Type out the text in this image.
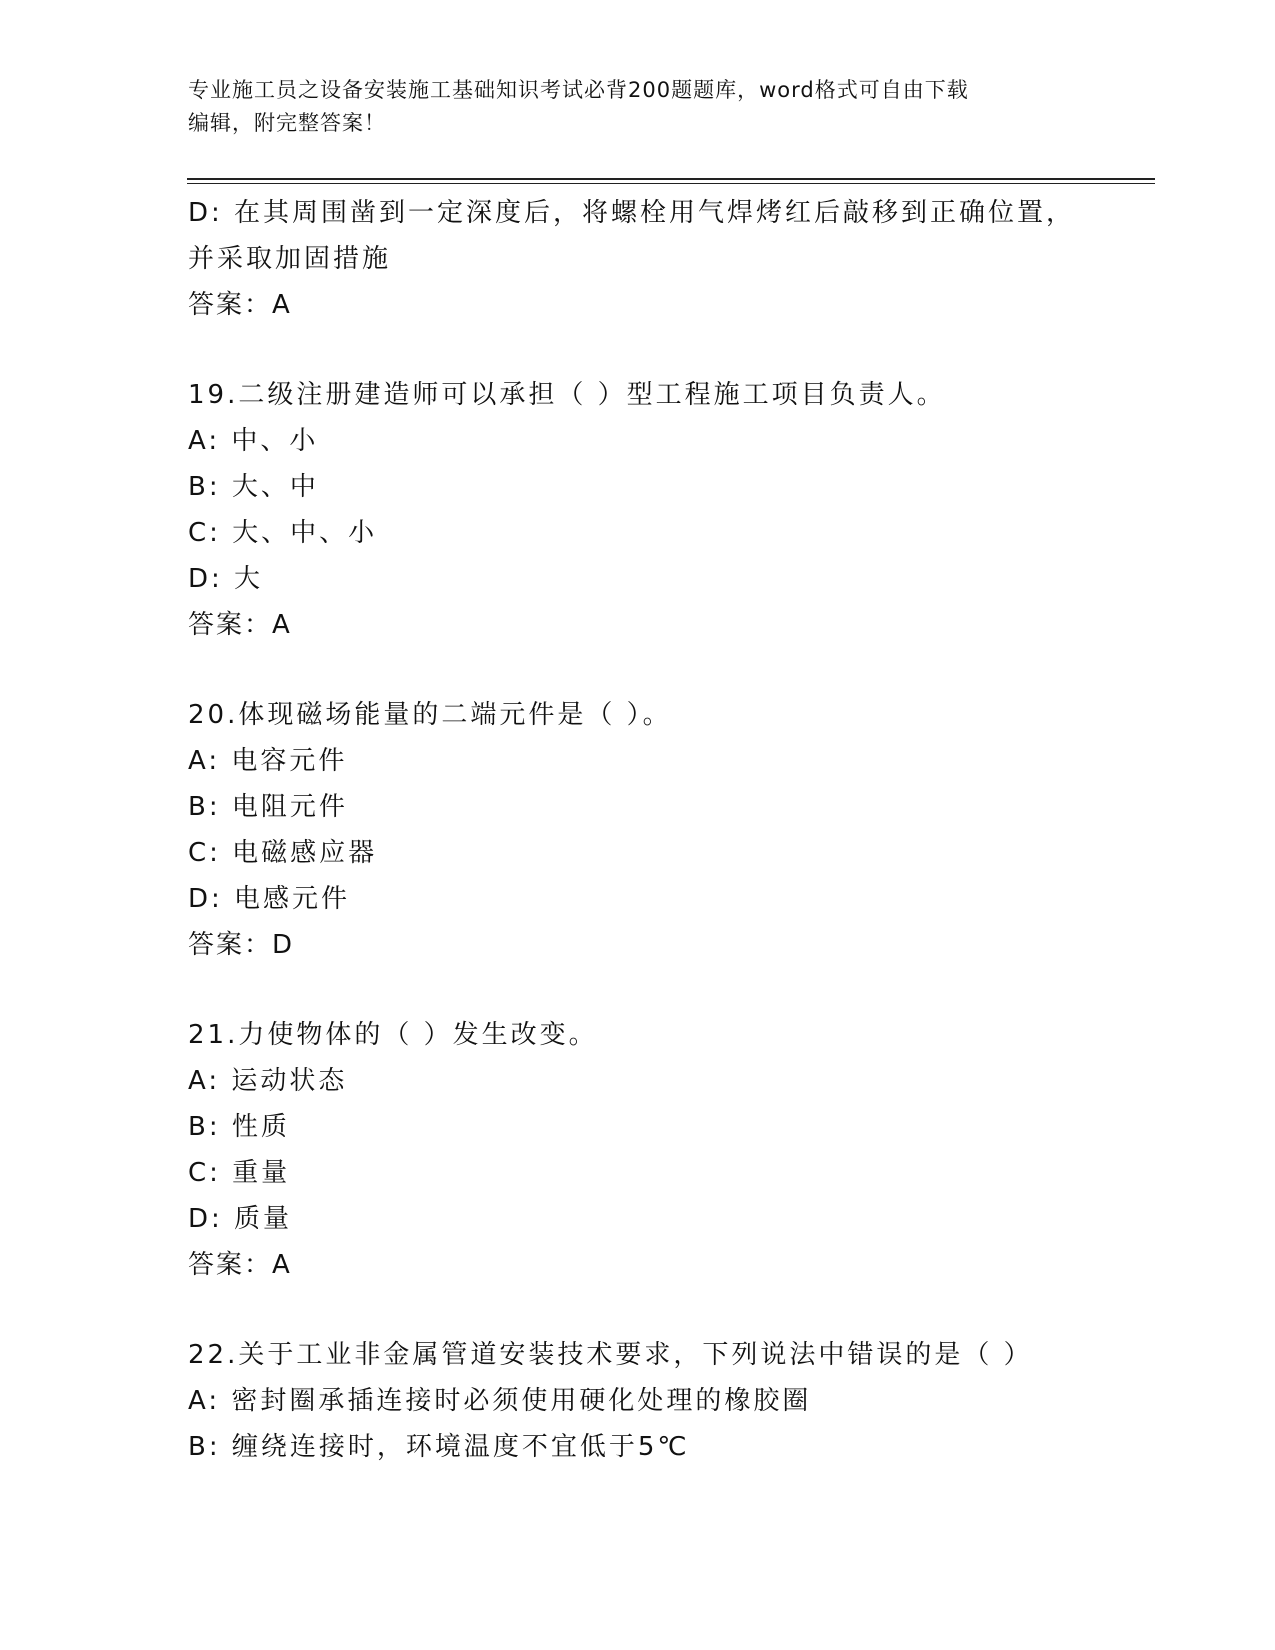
专业施工员之设备安装施工基础知识考试必背200题题库，word格式可自由下载
编辑，附完整答案！
D: 在其周围凿到一定深度后，将螺栓用气焊烤红后敲移到正确位置，
并采取加固措施
答案：A
19.二级注册建造师可以承担（ ）型工程施工项目负责人。
A: 中、小
B: 大、中
C: 大、中、小
D: 大
答案：A
20.体现磁场能量的二端元件是（ ）。
A: 电容元件
B: 电阻元件
C: 电磁感应器
D: 电感元件
答案：D
21.力使物体的（ ）发生改变。
A: 运动状态
B: 性质
C: 重量
D: 质量
答案：A
22.关于工业非金属管道安装技术要求，下列说法中错误的是（ ）
A: 密封圈承插连接时必须使用硬化处理的橡胶圈
B: 缠绕连接时，环境温度不宜低于5℃
